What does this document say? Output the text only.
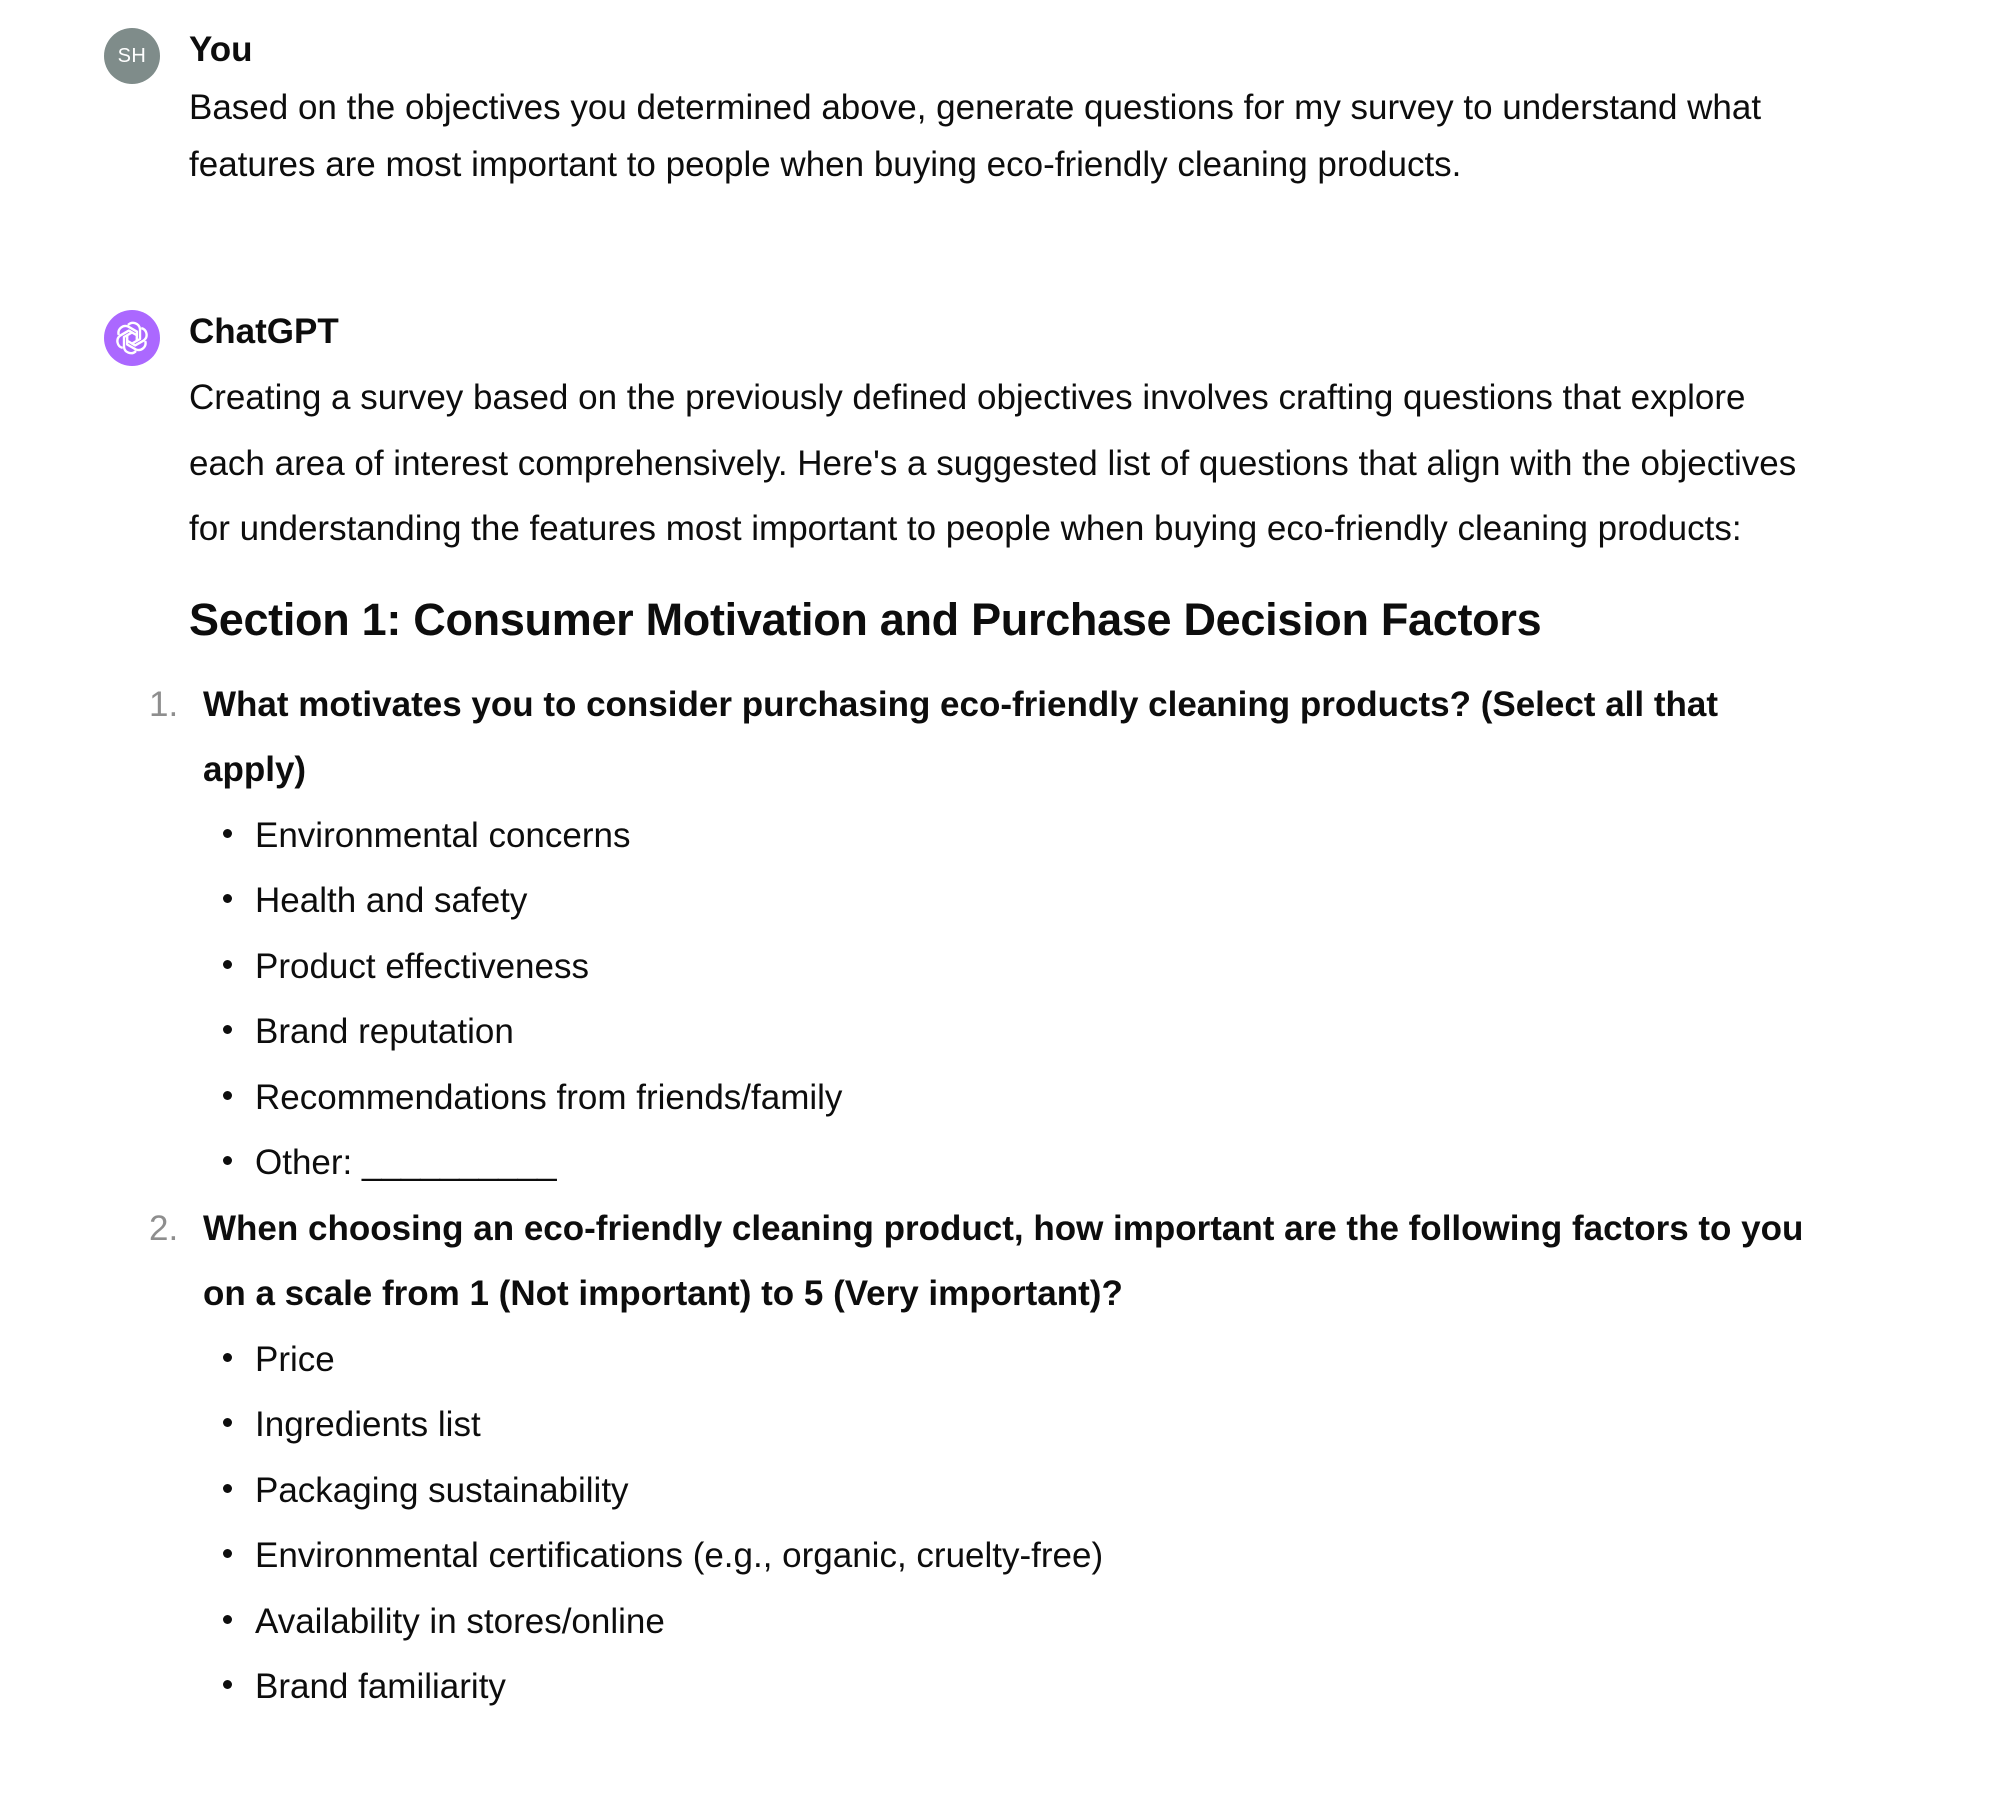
SH You

Based on the objectives you determined above, generate questions for my survey to understand what features are most important to people when buying eco-friendly cleaning products.

ChatGPT

Creating a survey based on the previously defined objectives involves crafting questions that explore each area of interest comprehensively. Here's a suggested list of questions that align with the objectives for understanding the features most important to people when buying eco-friendly cleaning products:

Section 1: Consumer Motivation and Purchase Decision Factors
1. What motivates you to consider purchasing eco-friendly cleaning products? (Select all that apply)

Environmental concerns
Health and safety
Product effectiveness
Brand reputation
Recommendations from friends/family
Other: __________
2. When choosing an eco-friendly cleaning product, how important are the following factors to you on a scale from 1 (Not important) to 5 (Very important)?

Price
Ingredients list
Packaging sustainability
Environmental certifications (e.g., organic, cruelty-free)
Availability in stores/online
Brand familiarity
